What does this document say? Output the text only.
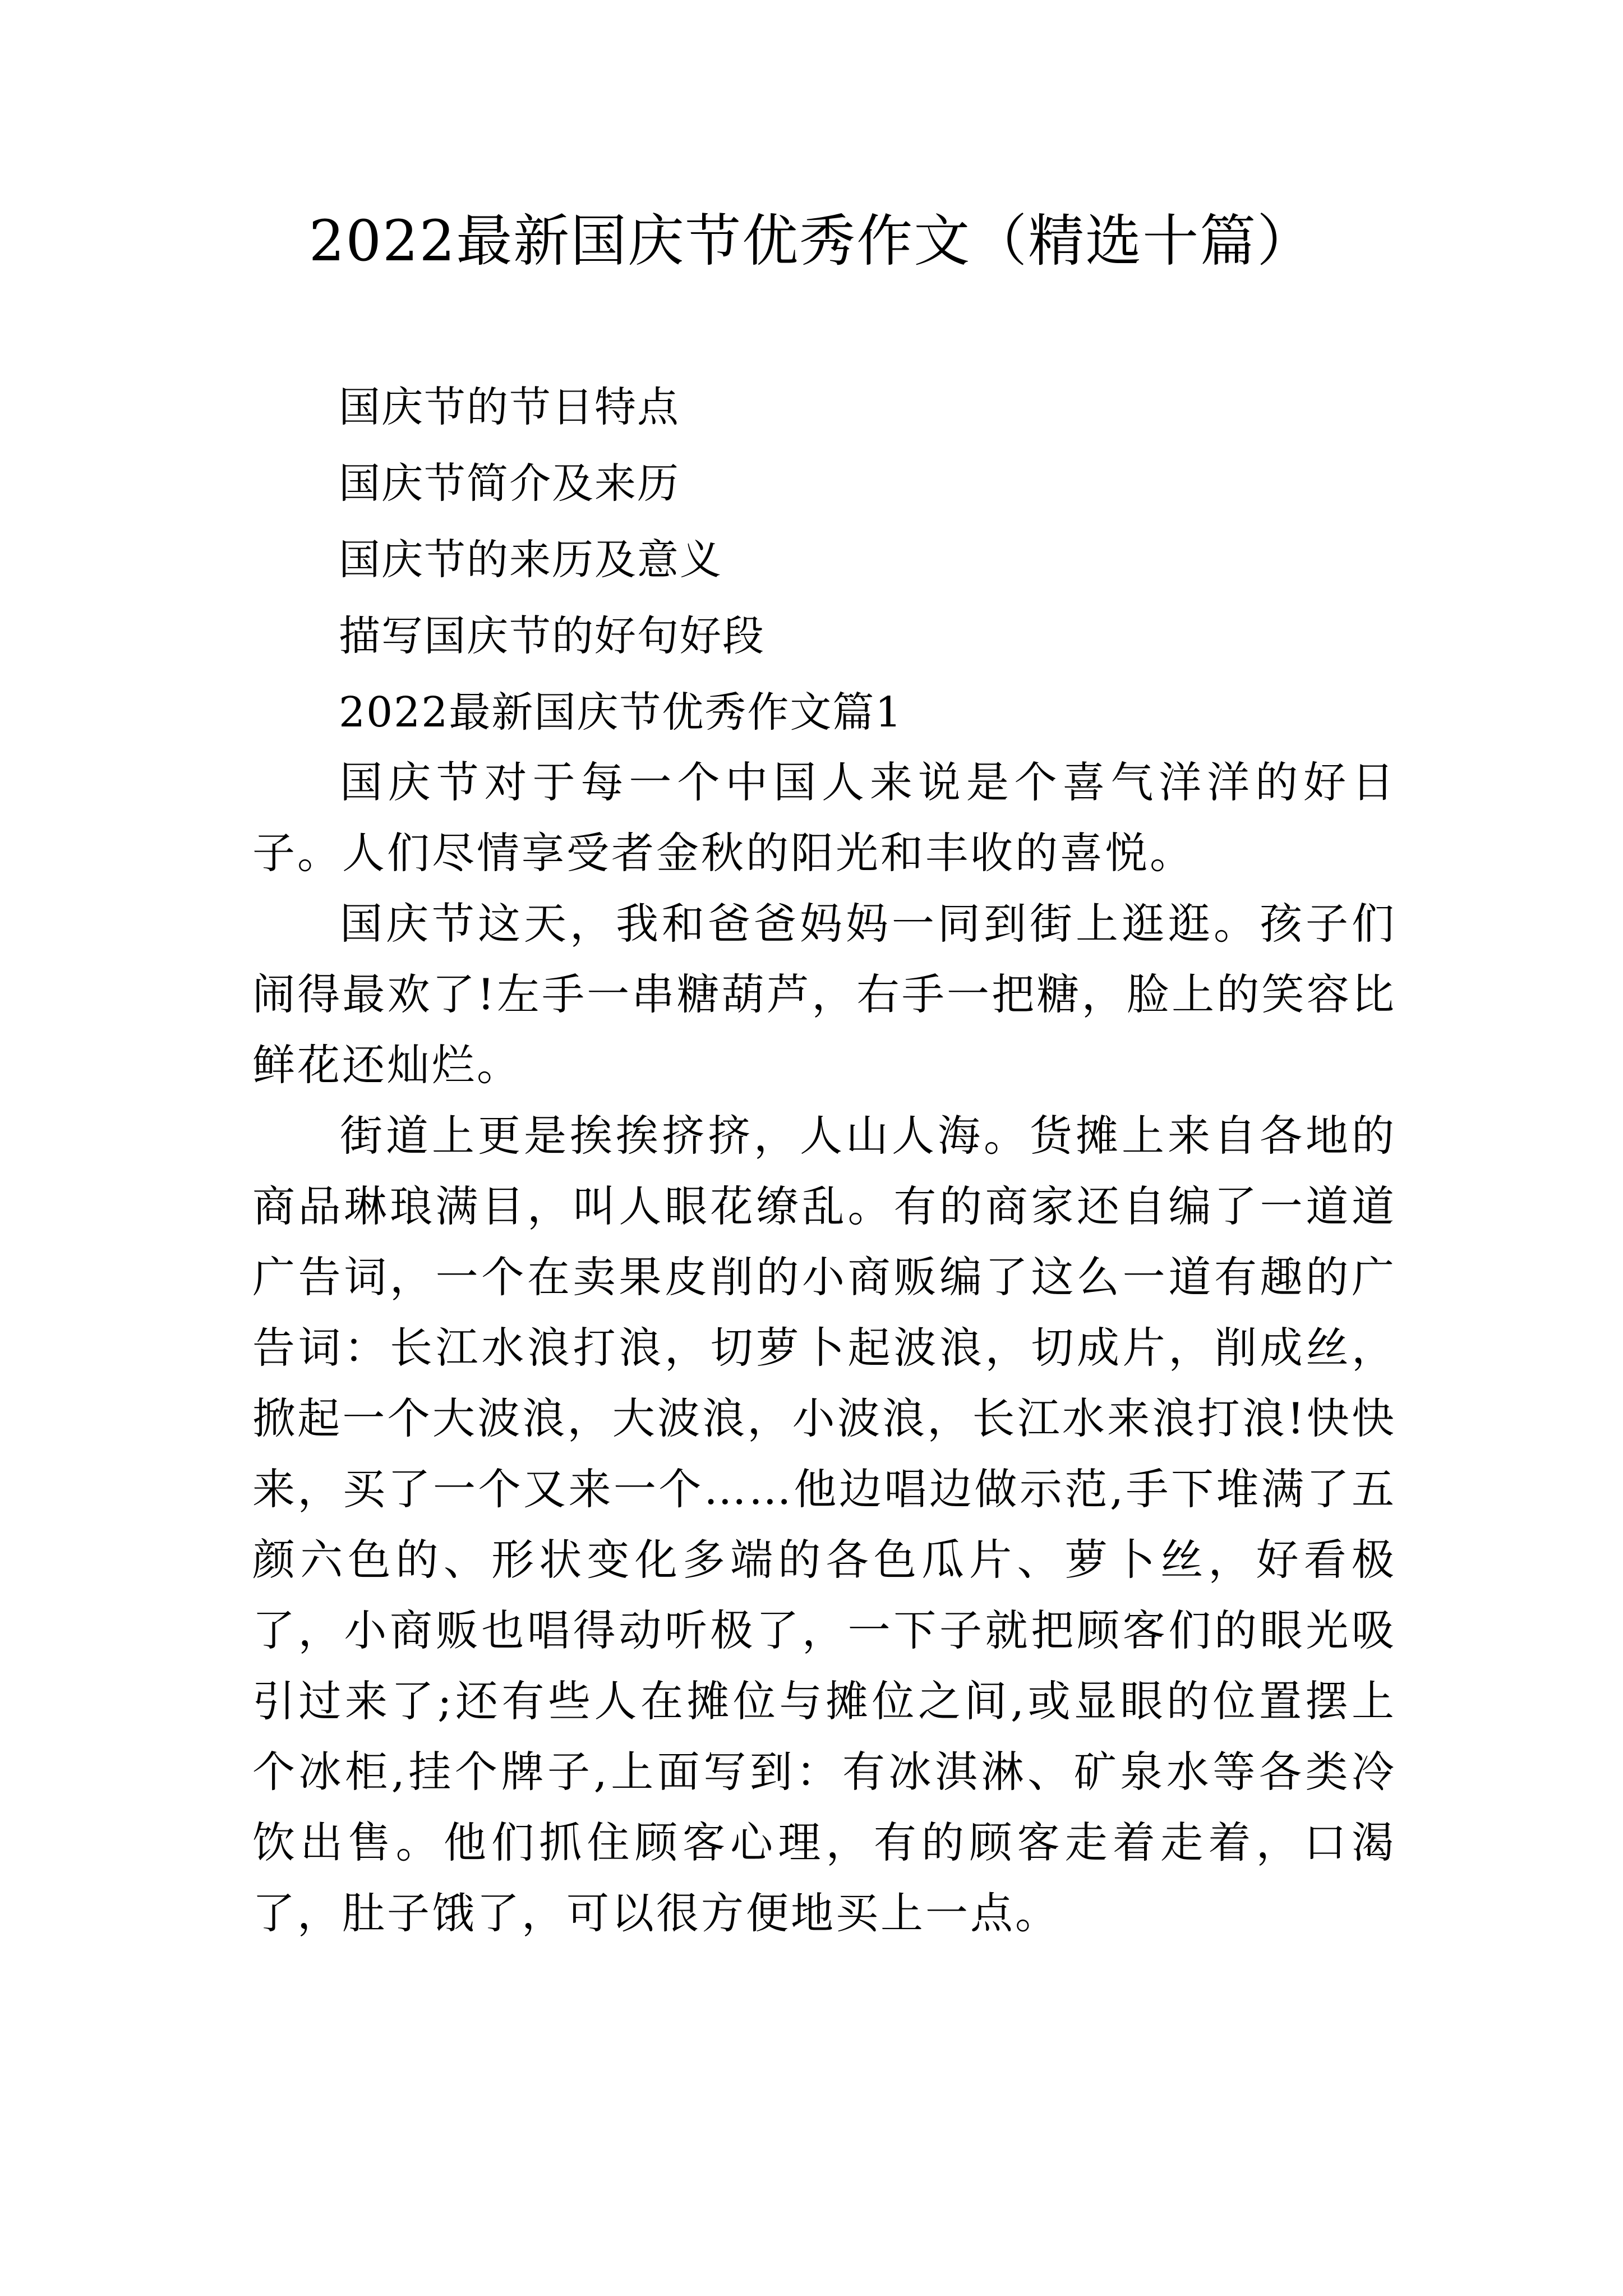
2022最新国庆节优秀作文（精选十篇）
国庆节的节日特点
国庆节简介及来历
国庆节的来历及意义
描写国庆节的好句好段
2022最新国庆节优秀作文篇1

国庆节对于每一个中国人来说是个喜气洋洋的好日子。人们尽情享受者金秋的阳光和丰收的喜悦。

国庆节这天，我和爸爸妈妈一同到街上逛逛。孩子们闹得最欢了!左手一串糖葫芦，右手一把糖，脸上的笑容比鲜花还灿烂。

街道上更是挨挨挤挤，人山人海。货摊上来自各地的商品琳琅满目，叫人眼花缭乱。有的商家还自编了一道道广告词，一个在卖果皮削的小商贩编了这么一道有趣的广告词：长江水浪打浪，切萝卜起波浪，切成片，削成丝，掀起一个大波浪，大波浪，小波浪，长江水来浪打浪!快快来，买了一个又来一个……他边唱边做示范,手下堆满了五颜六色的、形状变化多端的各色瓜片、萝卜丝，好看极了，小商贩也唱得动听极了，一下子就把顾客们的眼光吸引过来了;还有些人在摊位与摊位之间,或显眼的位置摆上个冰柜,挂个牌子,上面写到：有冰淇淋、矿泉水等各类冷饮出售。他们抓住顾客心理，有的顾客走着走着，口渴了，肚子饿了，可以很方便地买上一点。
